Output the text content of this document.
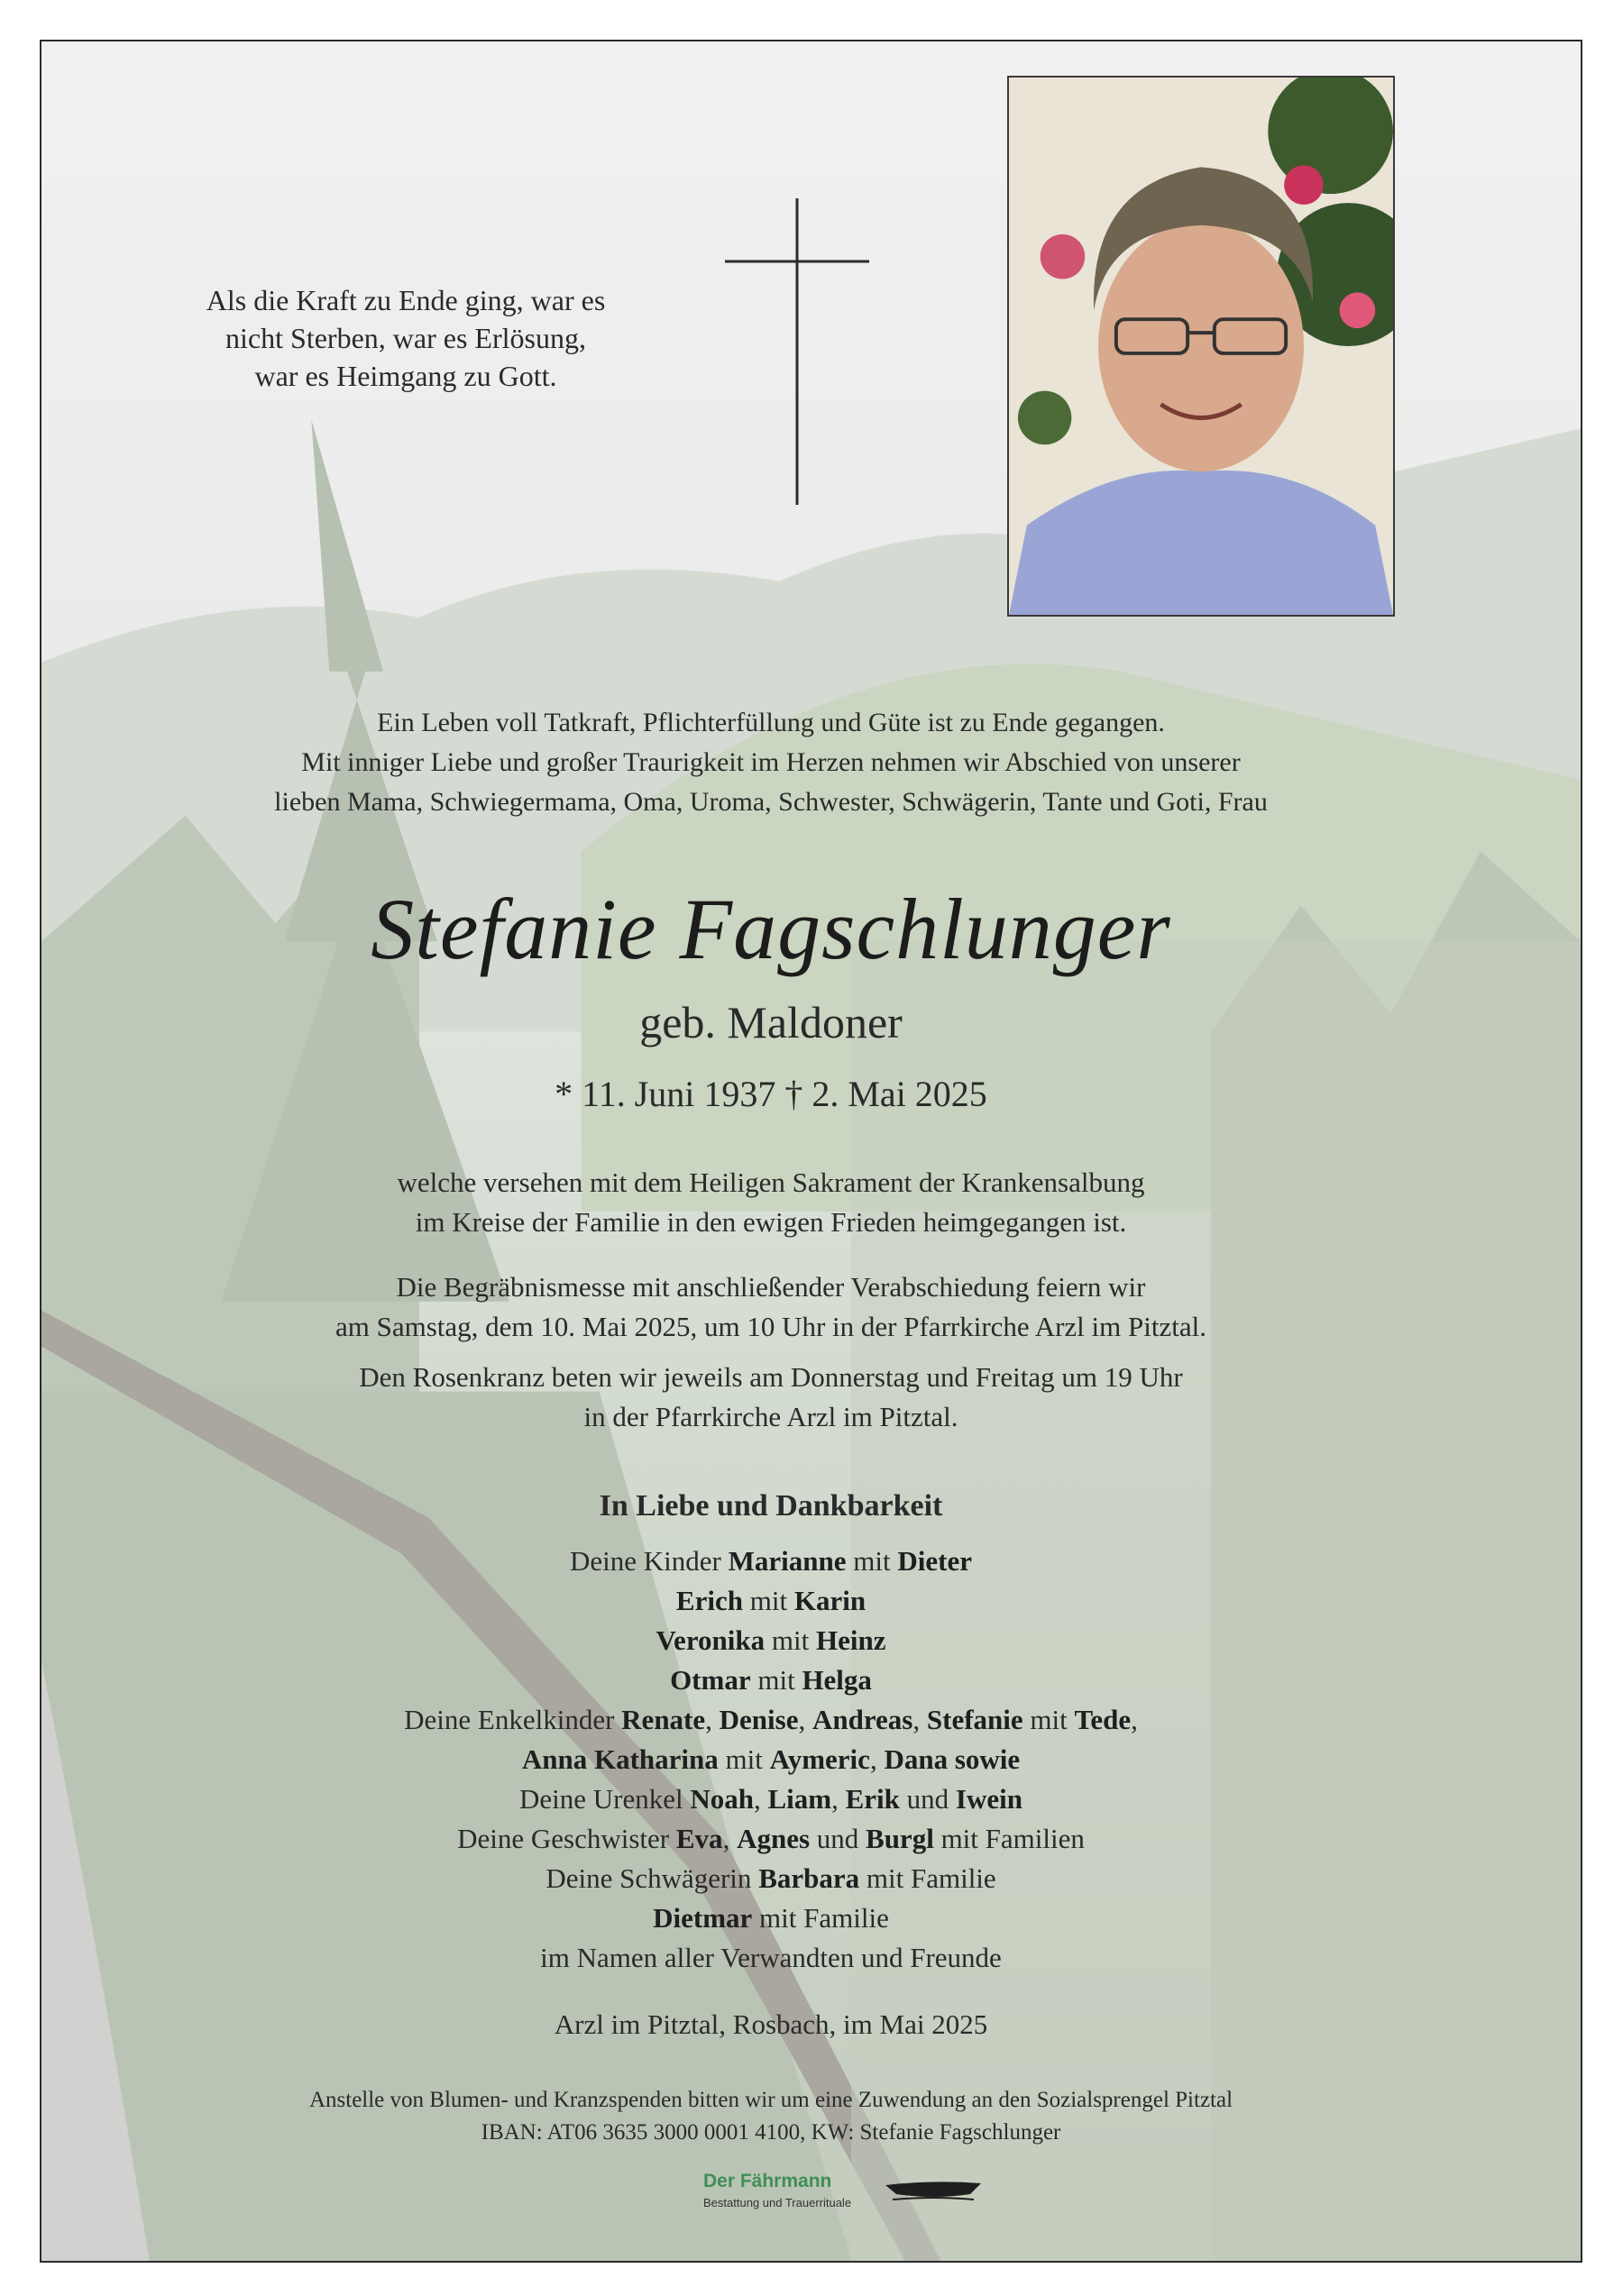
Als die Kraft zu Ende ging, war es
nicht Sterben, war es Erlösung,
war es Heimgang zu Gott.
Ein Leben voll Tatkraft, Pflichterfüllung und Güte ist zu Ende gegangen.
Mit inniger Liebe und großer Traurigkeit im Herzen nehmen wir Abschied von unserer
lieben Mama, Schwiegermama, Oma, Uroma, Schwester, Schwägerin, Tante und Goti, Frau
Stefanie Fagschlunger
geb. Maldoner
* 11. Juni 1937 † 2. Mai 2025
welche versehen mit dem Heiligen Sakrament der Krankensalbung
im Kreise der Familie in den ewigen Frieden heimgegangen ist.
Die Begräbnismesse mit anschließender Verabschiedung feiern wir
am Samstag, dem 10. Mai 2025, um 10 Uhr in der Pfarrkirche Arzl im Pitztal.
Den Rosenkranz beten wir jeweils am Donnerstag und Freitag um 19 Uhr
in der Pfarrkirche Arzl im Pitztal.
In Liebe und Dankbarkeit
Deine Kinder Marianne mit Dieter
Erich mit Karin
Veronika mit Heinz
Otmar mit Helga
Deine Enkelkinder Renate, Denise, Andreas, Stefanie mit Tede,
Anna Katharina mit Aymeric, Dana sowie
Deine Urenkel Noah, Liam, Erik und Iwein
Deine Geschwister Eva, Agnes und Burgl mit Familien
Deine Schwägerin Barbara mit Familie
Dietmar mit Familie
im Namen aller Verwandten und Freunde
Arzl im Pitztal, Rosbach, im Mai 2025
Anstelle von Blumen- und Kranzspenden bitten wir um eine Zuwendung an den Sozialsprengel Pitztal
IBAN: AT06 3635 3000 0001 4100, KW: Stefanie Fagschlunger
Der Fährmann
Bestattung und Trauerrituale
